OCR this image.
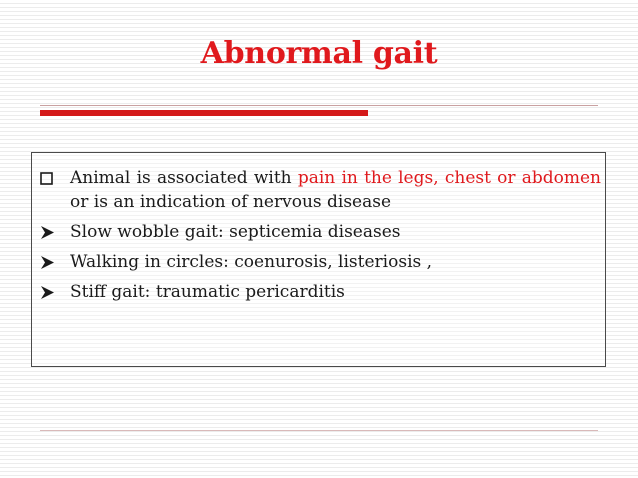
Abnormal gait
Animal is associated with pain in the legs, chest or abdomen or is an indication of nervous disease
Slow wobble gait: septicemia diseases
Walking in circles: coenurosis, listeriosis ,
Stiff gait: traumatic pericarditis
